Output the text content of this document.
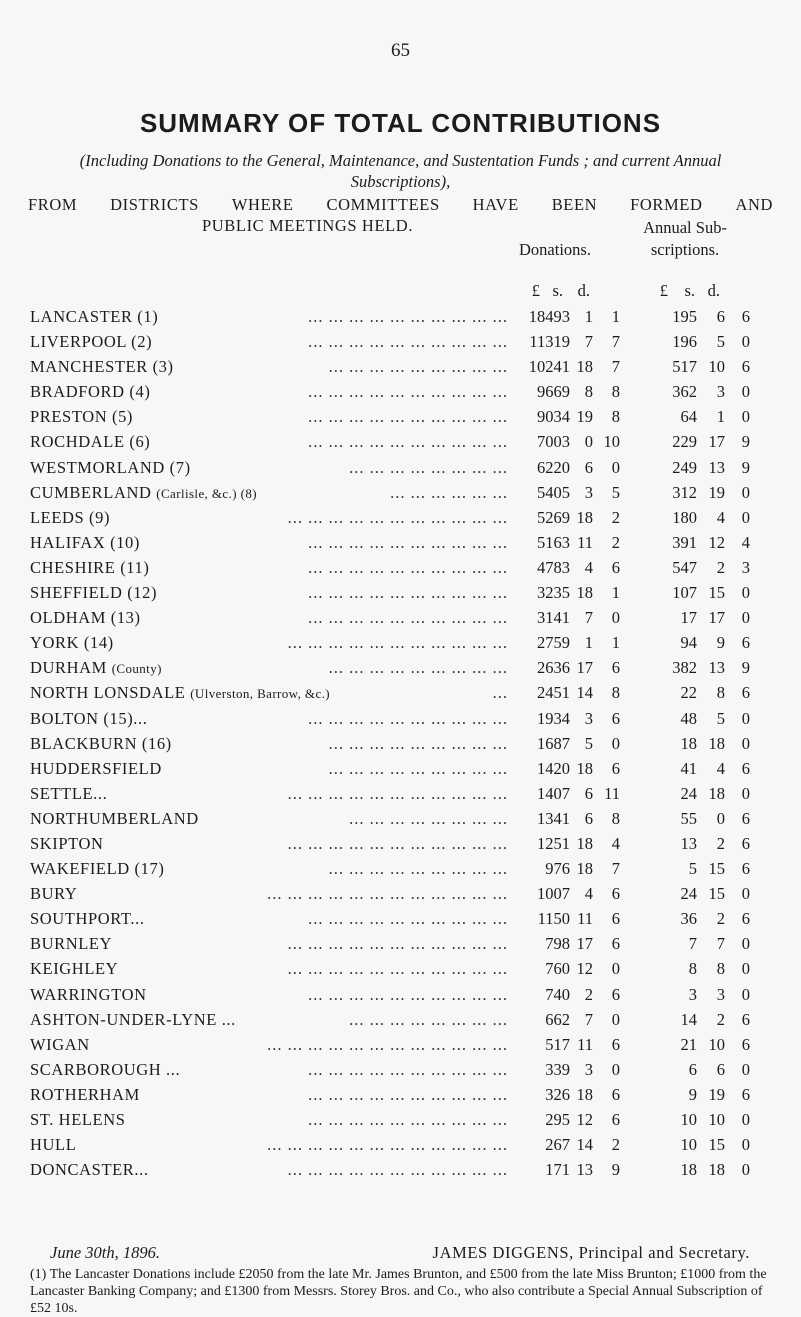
65
SUMMARY OF TOTAL CONTRIBUTIONS
(Including Donations to the General, Maintenance, and Sustentation Funds ; and current Annual Subscriptions),
FROM DISTRICTS WHERE COMMITTEES HAVE BEEN FORMED AND
PUBLIC MEETINGS HELD.	Annual Sub-
Donations.	scriptions.
£ s. d.	£ s. d.
... ... ... ... ... ... ... ... ... ...
LANCASTER (1)	18493 1	1	195	6	6
... ... ... ... ... ... ... ... ... ...
LIVERPOOL (2)	11319 7	7	196	5	0
... ... ... ... ... ... ... ... ...
MANCHESTER (3)	10241 18	7	517 10	6
... ... ... ... ... ... ... ... ... ...
BRADFORD (4)	9669 8	8	362	3	0
... ... ... ... ... ... ... ... ... ...
PRESTON (5)	9034 19	8	64	1	0
... ... ... ... ... ... ... ... ... ...
ROCHDALE (6)	7003 0 10	229 17	9
... ... ... ... ... ... ... ...
WESTMORLAND (7)	6220 6	0	249 13	9
... ... ... ... ... ...
CUMBERLAND (Carlisle, &c.) (8)	5405 3	5	312 19	0
... ... ... ... ... ... ... ... ... ... ...
LEEDS (9)	5269 18	2	180	4	0
... ... ... ... ... ... ... ... ... ...
HALIFAX (10)	5163 11	2	391 12	4
... ... ... ... ... ... ... ... ... ...
CHESHIRE (11)	4783 4	6	547	2	3
... ... ... ... ... ... ... ... ... ...
SHEFFIELD (12)	3235 18	1	107 15	0
... ... ... ... ... ... ... ... ... ...
OLDHAM (13)	3141 7	0	17 17	0
... ... ... ... ... ... ... ... ... ... ...
YORK (14)	2759 1	1	94	9	6
... ... ... ... ... ... ... ... ...
DURHAM (County)	2636 17	6	382 13	9
...
NORTH LONSDALE (Ulverston, Barrow, &c.)	2451 14	8	22	8	6
... ... ... ... ... ... ... ... ... ...
BOLTON (15)...	1934 3	6	48	5	0
... ... ... ... ... ... ... ... ...
BLACKBURN (16)	1687 5	0	18 18	0
... ... ... ... ... ... ... ... ...
HUDDERSFIELD	1420 18	6	41	4	6
... ... ... ... ... ... ... ... ... ... ...
SETTLE...	1407 6 11	24 18	0
... ... ... ... ... ... ... ...
NORTHUMBERLAND	1341 6	8	55	0	6
... ... ... ... ... ... ... ... ... ... ...
SKIPTON	1251 18	4	13	2	6
... ... ... ... ... ... ... ... ...
WAKEFIELD (17)	976 18	7	5 15	6
... ... ... ... ... ... ... ... ... ... ... ...
BURY	1007 4	6	24 15	0
... ... ... ... ... ... ... ... ... ...
SOUTHPORT...	1150 11	6	36	2	6
... ... ... ... ... ... ... ... ... ... ...
BURNLEY	798 17	6	7	7	0
... ... ... ... ... ... ... ... ... ... ...
KEIGHLEY	760 12	0	8	8	0
... ... ... ... ... ... ... ... ... ...
WARRINGTON	740 2	6	3	3	0
... ... ... ... ... ... ... ...
ASHTON-UNDER-LYNE ...	662 7	0	14	2	6
... ... ... ... ... ... ... ... ... ... ... ...
WIGAN	517 11	6	21 10	6
... ... ... ... ... ... ... ... ... ...
SCARBOROUGH ...	339 3	0	6	6	0
... ... ... ... ... ... ... ... ... ...
ROTHERHAM	326 18	6	9 19	6
... ... ... ... ... ... ... ... ... ...
ST. HELENS	295 12	6	10 10	0
... ... ... ... ... ... ... ... ... ... ... ...
HULL	267 14	2	10 15	0
... ... ... ... ... ... ... ... ... ... ...
DONCASTER...	171 13	9	18 18	0
June 30th, 1896.	JAMES DIGGENS, Principal and Secretary.
(1) The Lancaster Donations include £2050 from the late Mr. James Brunton, and £500 from the late Miss Brunton; £1000 from the Lancaster Banking Company; and £1300 from Messrs. Storey Bros. and Co., who also contribute a Special Annual Subscription of £52 10s.
